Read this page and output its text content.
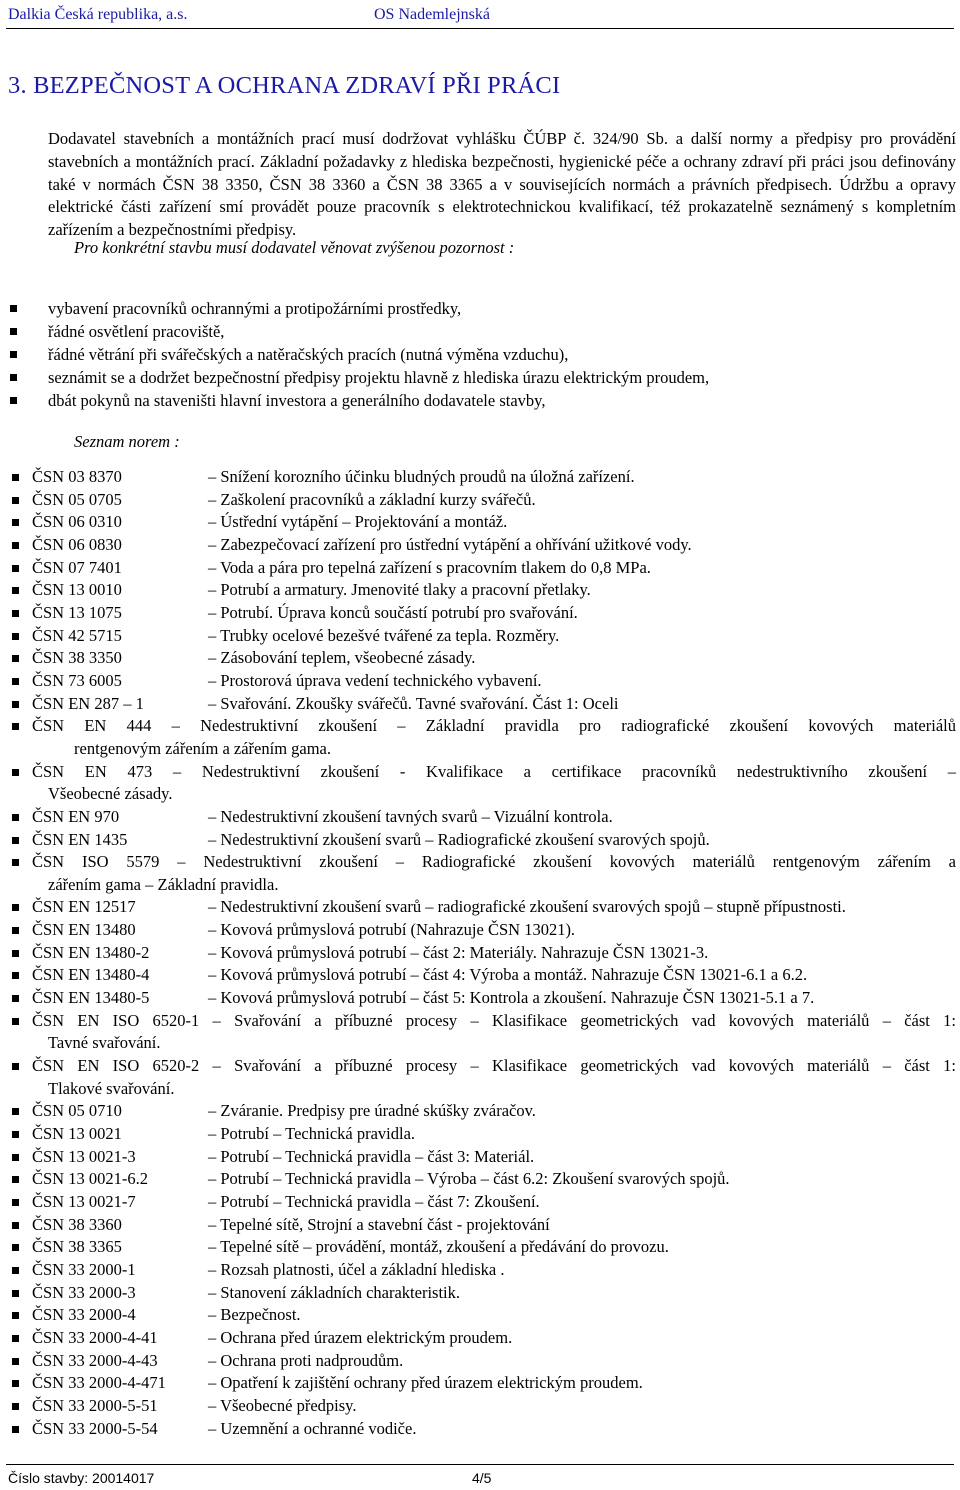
Dalkia Česká republika, a.s.	OS Nademlejnská
3. BEZPEČNOST A OCHRANA ZDRAVÍ PŘI PRÁCI

Dodavatel stavebních a montážních prací musí dodržovat vyhlášku ČÚBP č. 324/90 Sb. a další normy a předpisy pro provádění stavebních a montážních prací. Základní požadavky z hlediska bezpečnosti, hygienické péče a ochrany zdraví při práci jsou definovány také v normách ČSN 38 3350, ČSN 38 3360 a ČSN 38 3365 a v souvisejících normách a právních předpisech. Údržbu a opravy elektrické části zařízení smí provádět pouze pracovník s elektrotechnickou kvalifikací, též prokazatelně seznámený s kompletním zařízením a bezpečnostními předpisy.

Pro konkrétní stavbu musí dodavatel věnovat zvýšenou pozornost :
vybavení pracovníků ochrannými a protipožárními prostředky,
řádné osvětlení pracoviště,
řádné větrání při svářečských a natěračských pracích (nutná výměna vzduchu),
seznámit se a dodržet bezpečnostní předpisy projektu hlavně z hlediska úrazu elektrickým proudem,
dbát pokynů na staveništi hlavní investora a generálního dodavatele stavby,
Seznam norem :
ČSN 03 8370	– Snížení korozního účinku bludných proudů na úložná zařízení.
ČSN 05 0705	– Zaškolení pracovníků a základní kurzy svářečů.
ČSN 06 0310	– Ústřední vytápění – Projektování a montáž.
ČSN 06 0830	– Zabezpečovací zařízení pro ústřední vytápění a ohřívání užitkové vody.
ČSN 07 7401	– Voda a pára pro tepelná zařízení s pracovním tlakem do 0,8 MPa.
ČSN 13 0010	– Potrubí a armatury. Jmenovité tlaky a pracovní přetlaky.
ČSN 13 1075	– Potrubí. Úprava konců součástí potrubí pro svařování.
ČSN 42 5715	– Trubky ocelové bezešvé tvářené za tepla. Rozměry.
ČSN 38 3350	– Zásobování teplem, všeobecné zásady.
ČSN 73 6005	– Prostorová úprava vedení technického vybavení.
ČSN EN 287 – 1	– Svařování. Zkoušky svářečů. Tavné svařování. Část 1: Oceli
ČSN EN 444 – Nedestruktivní zkoušení – Základní pravidla pro radiografické zkoušení kovových materiálů
rentgenovým zářením a zářením gama.
ČSN EN 473 – Nedestruktivní zkoušení - Kvalifikace a certifikace pracovníků nedestruktivního zkoušení –
Všeobecné zásady.
ČSN EN 970	– Nedestruktivní zkoušení tavných svarů – Vizuální kontrola.
ČSN EN 1435	– Nedestruktivní zkoušení svarů – Radiografické zkoušení svarových spojů.
ČSN ISO 5579 – Nedestruktivní zkoušení – Radiografické zkoušení kovových materiálů rentgenovým zářením a
zářením gama – Základní pravidla.
ČSN EN 12517	– Nedestruktivní zkoušení svarů – radiografické zkoušení svarových spojů – stupně přípustnosti.
ČSN EN 13480	– Kovová průmyslová potrubí (Nahrazuje ČSN 13021).
ČSN EN 13480-2	– Kovová průmyslová potrubí – část 2: Materiály. Nahrazuje ČSN 13021-3.
ČSN EN 13480-4	– Kovová průmyslová potrubí – část 4: Výroba a montáž. Nahrazuje ČSN 13021-6.1 a 6.2.
ČSN EN 13480-5	– Kovová průmyslová potrubí – část 5: Kontrola a zkoušení. Nahrazuje ČSN 13021-5.1 a 7.
ČSN EN ISO 6520-1 – Svařování a příbuzné procesy – Klasifikace geometrických vad kovových materiálů – část 1:
Tavné svařování.
ČSN EN ISO 6520-2 – Svařování a příbuzné procesy – Klasifikace geometrických vad kovových materiálů – část 1:
Tlakové svařování.
ČSN 05 0710	– Zváranie. Predpisy pre úradné skúšky zváračov.
ČSN 13 0021	– Potrubí – Technická pravidla.
ČSN 13 0021-3	– Potrubí – Technická pravidla – část 3: Materiál.
ČSN 13 0021-6.2	– Potrubí – Technická pravidla – Výroba – část 6.2: Zkoušení svarových spojů.
ČSN 13 0021-7	– Potrubí – Technická pravidla – část 7: Zkoušení.
ČSN 38 3360	– Tepelné sítě, Strojní a stavební část - projektování
ČSN 38 3365	– Tepelné sítě – provádění, montáž, zkoušení a předávání do provozu.
ČSN 33 2000-1	– Rozsah platnosti, účel a základní hlediska .
ČSN 33 2000-3	– Stanovení základních charakteristik.
ČSN 33 2000-4	– Bezpečnost.
ČSN 33 2000-4-41	– Ochrana před úrazem elektrickým proudem.
ČSN 33 2000-4-43	– Ochrana proti nadproudům.
ČSN 33 2000-4-471	– Opatření k zajištění ochrany před úrazem elektrickým proudem.
ČSN 33 2000-5-51	– Všeobecné předpisy.
ČSN 33 2000-5-54	– Uzemnění a ochranné vodiče.
Číslo stavby: 20014017	4/5
